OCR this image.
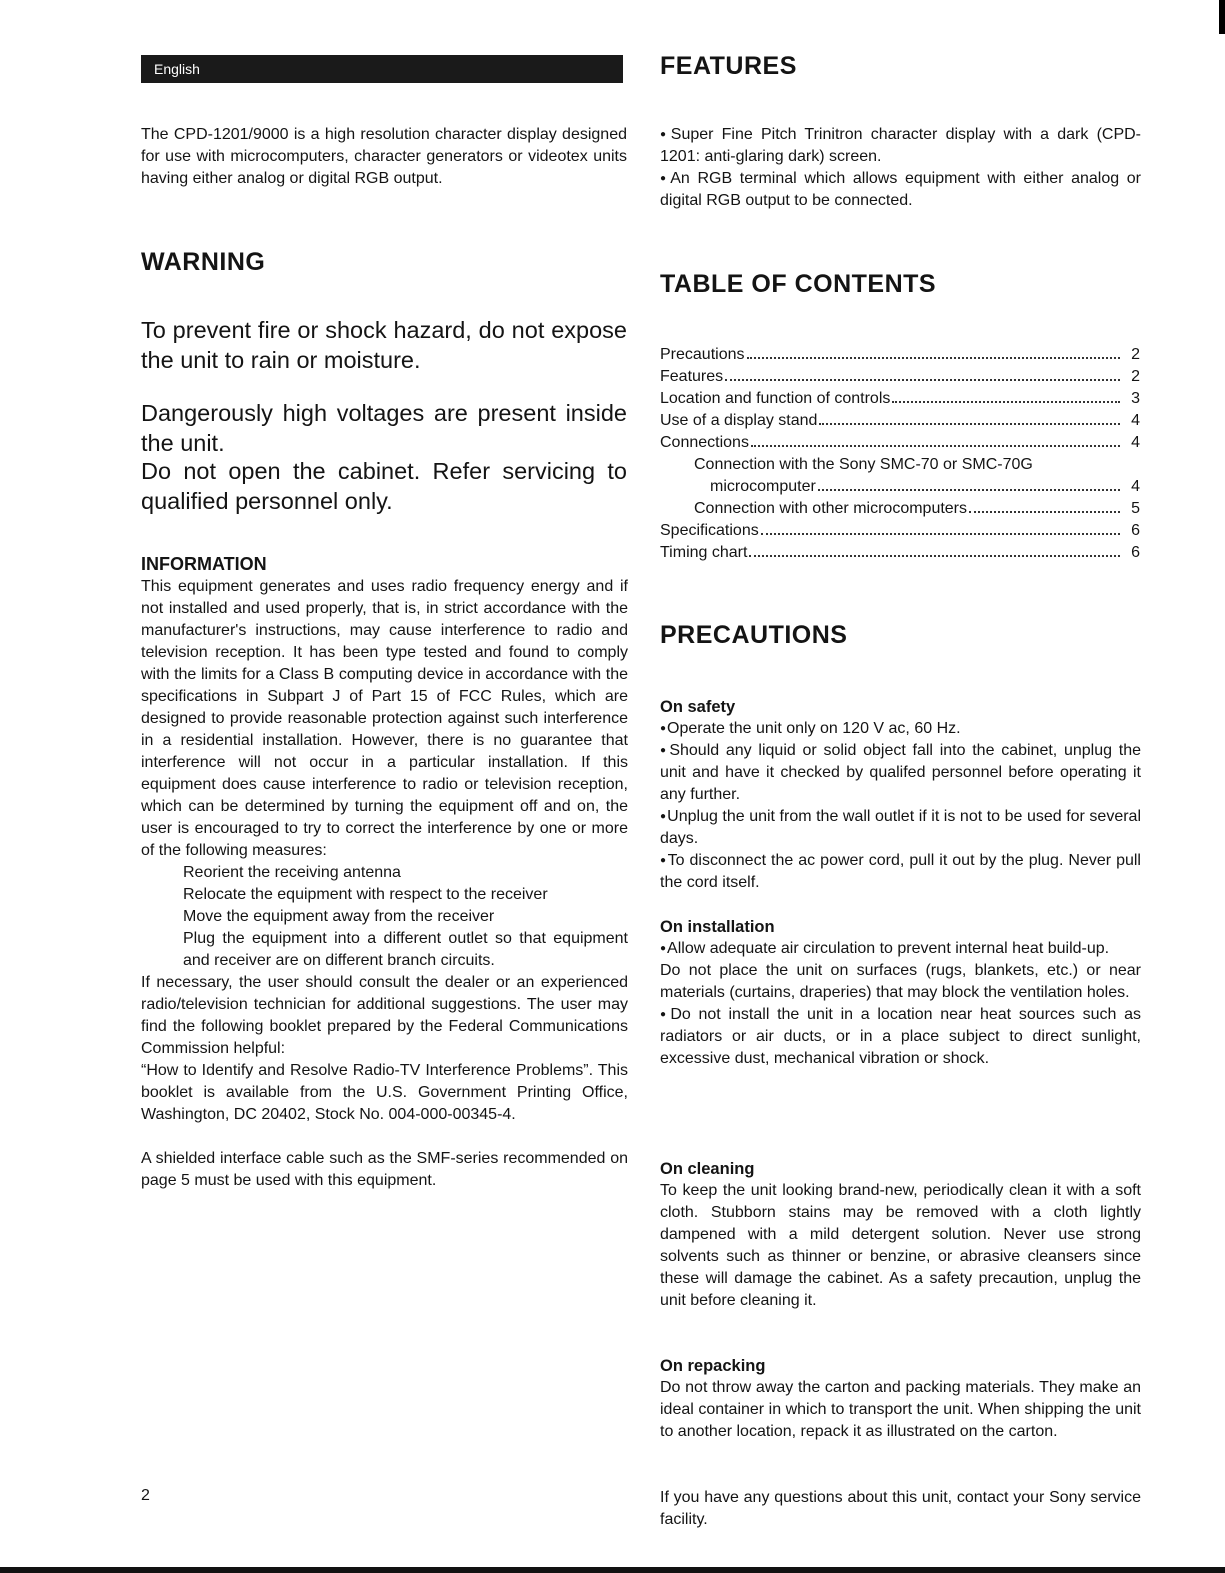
English

The CPD-1201/9000 is a high resolution character display designed for use with microcomputers, character generators or videotex units having either analog or digital RGB output.

WARNING

To prevent fire or shock hazard, do not expose the unit to rain or moisture.

Dangerously high voltages are present inside the unit.

Do not open the cabinet. Refer servicing to qualified personnel only.

INFORMATION

This equipment generates and uses radio frequency energy and if not installed and used properly, that is, in strict accordance with the manufacturer's instructions, may cause interference to radio and television reception. It has been type tested and found to comply with the limits for a Class B computing device in accordance with the specifications in Subpart J of Part 15 of FCC Rules, which are designed to provide reasonable protection against such interference in a residential installation. However, there is no guarantee that interference will not occur in a particular installation. If this equipment does cause interference to radio or television reception, which can be determined by turning the equipment off and on, the user is encouraged to try to correct the interference by one or more of the following measures:

Reorient the receiving antenna

Relocate the equipment with respect to the receiver

Move the equipment away from the receiver

Plug the equipment into a different outlet so that equipment and receiver are on different branch circuits.

If necessary, the user should consult the dealer or an experienced radio/television technician for additional suggestions. The user may find the following booklet prepared by the Federal Communications Commission helpful:

“How to Identify and Resolve Radio-TV Interference Problems”. This booklet is available from the U.S. Government Printing Office, Washington, DC 20402, Stock No. 004-000-00345-4.

A shielded interface cable such as the SMF-series recommended on page 5 must be used with this equipment.

2
FEATURES

● Super Fine Pitch Trinitron character display with a dark (CPD-1201: anti-glaring dark) screen.

● An RGB terminal which allows equipment with either analog or digital RGB output to be connected.

TABLE OF CONTENTS
Precautions	2
Features	2
Location and function of controls	3
Use of a display stand	4
Connections	4
Connection with the Sony SMC-70 or SMC-70G
microcomputer	4
Connection with other microcomputers	5
Specifications	6
Timing chart	6
PRECAUTIONS
On safety

● Operate the unit only on 120 V ac, 60 Hz.

● Should any liquid or solid object fall into the cabinet, unplug the unit and have it checked by qualifed personnel before operating it any further.

● Unplug the unit from the wall outlet if it is not to be used for several days.

● To disconnect the ac power cord, pull it out by the plug. Never pull the cord itself.

On installation

● Allow adequate air circulation to prevent internal heat build-up.

Do not place the unit on surfaces (rugs, blankets, etc.) or near materials (curtains, draperies) that may block the ventilation holes.

● Do not install the unit in a location near heat sources such as radiators or air ducts, or in a place subject to direct sunlight, excessive dust, mechanical vibration or shock.

On cleaning

To keep the unit looking brand-new, periodically clean it with a soft cloth. Stubborn stains may be removed with a cloth lightly dampened with a mild detergent solution. Never use strong solvents such as thinner or benzine, or abrasive cleansers since these will damage the cabinet. As a safety precaution, unplug the unit before cleaning it.

On repacking

Do not throw away the carton and packing materials. They make an ideal container in which to transport the unit. When shipping the unit to another location, repack it as illustrated on the carton.

If you have any questions about this unit, contact your Sony service facility.
